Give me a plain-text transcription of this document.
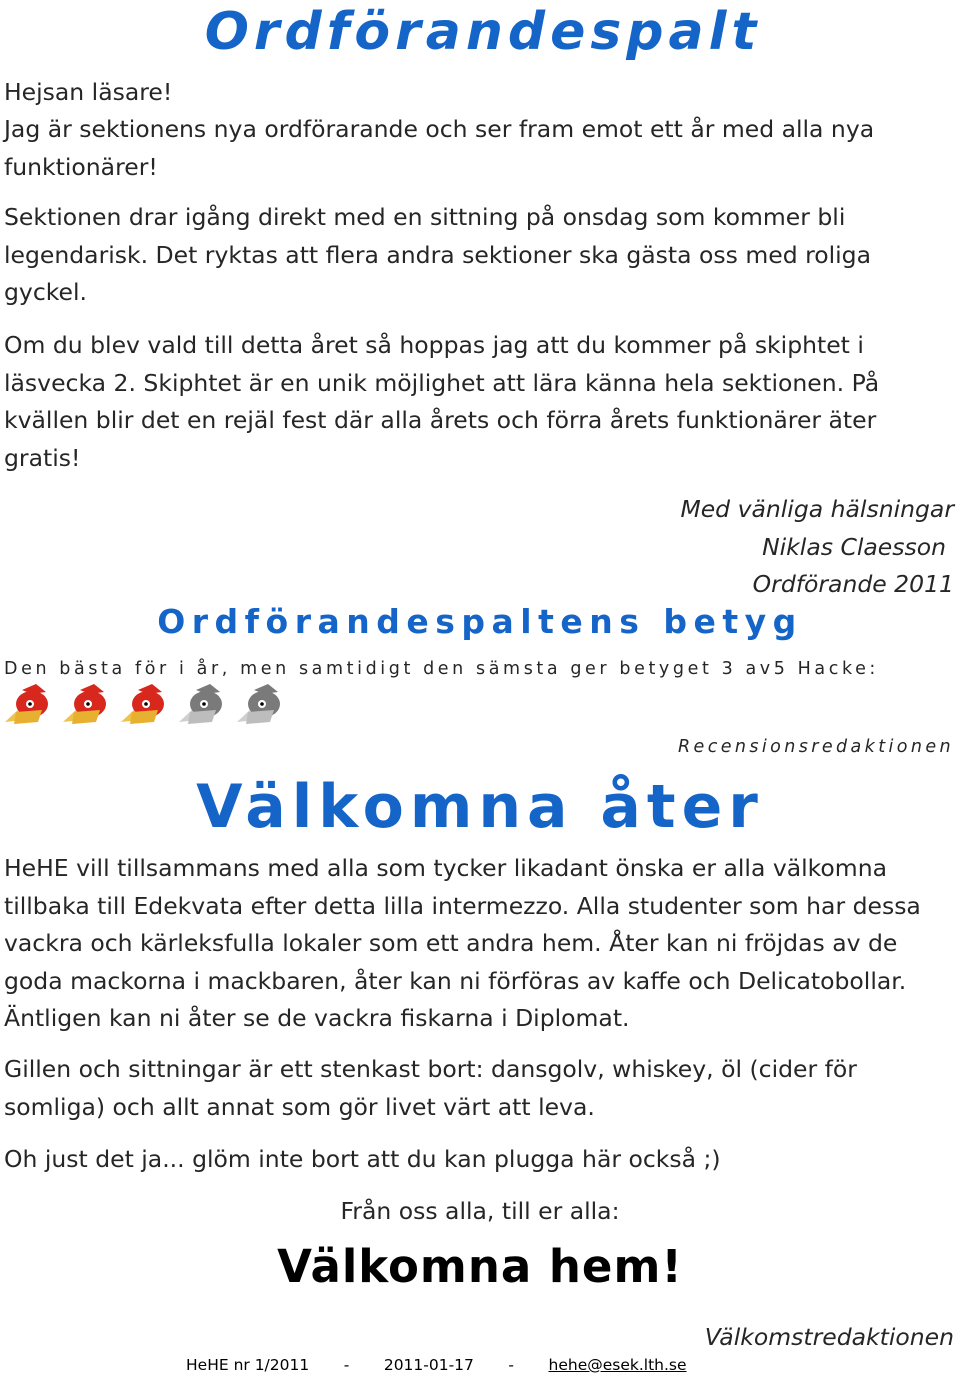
Ordförandespalt
Hejsan läsare!
Jag är sektionens nya ordförarande och ser fram emot ett år med alla nya funktionärer!
Sektionen drar igång direkt med en sittning på onsdag som kommer bli legendarisk. Det ryktas att flera andra sektioner ska gästa oss med roliga gyckel.
Om du blev vald till detta året så hoppas jag att du kommer på skiphtet i läsvecka 2. Skiphtet är en unik möjlighet att lära känna hela sektionen. På kvällen blir det en rejäl fest där alla årets och förra årets funktionärer äter gratis!
Med vänliga hälsningar
Niklas Claesson
Ordförande 2011
Ordförandespaltens betyg
Den bästa för i år, men samtidigt den sämsta ger betyget 3 av5 Hacke:
Recensionsredaktionen
Välkomna åter
HeHE vill tillsammans med alla som tycker likadant önska er alla välkomna tillbaka till Edekvata efter detta lilla intermezzo. Alla studenter som har dessa vackra och kärleksfulla lokaler som ett andra hem. Åter kan ni fröjdas av de goda mackorna i mackbaren, åter kan ni förföras av kaffe och Delicatobollar. Äntligen kan ni åter se de vackra fiskarna i Diplomat.
Gillen och sittningar är ett stenkast bort: dansgolv, whiskey, öl (cider för somliga) och allt annat som gör livet värt att leva.
Oh just det ja... glöm inte bort att du kan plugga här också ;)
Från oss alla, till er alla:
Välkomna hem!
Välkomstredaktionen
HeHE nr 1/2011 - 2011-01-17 - hehe@esek.lth.se
